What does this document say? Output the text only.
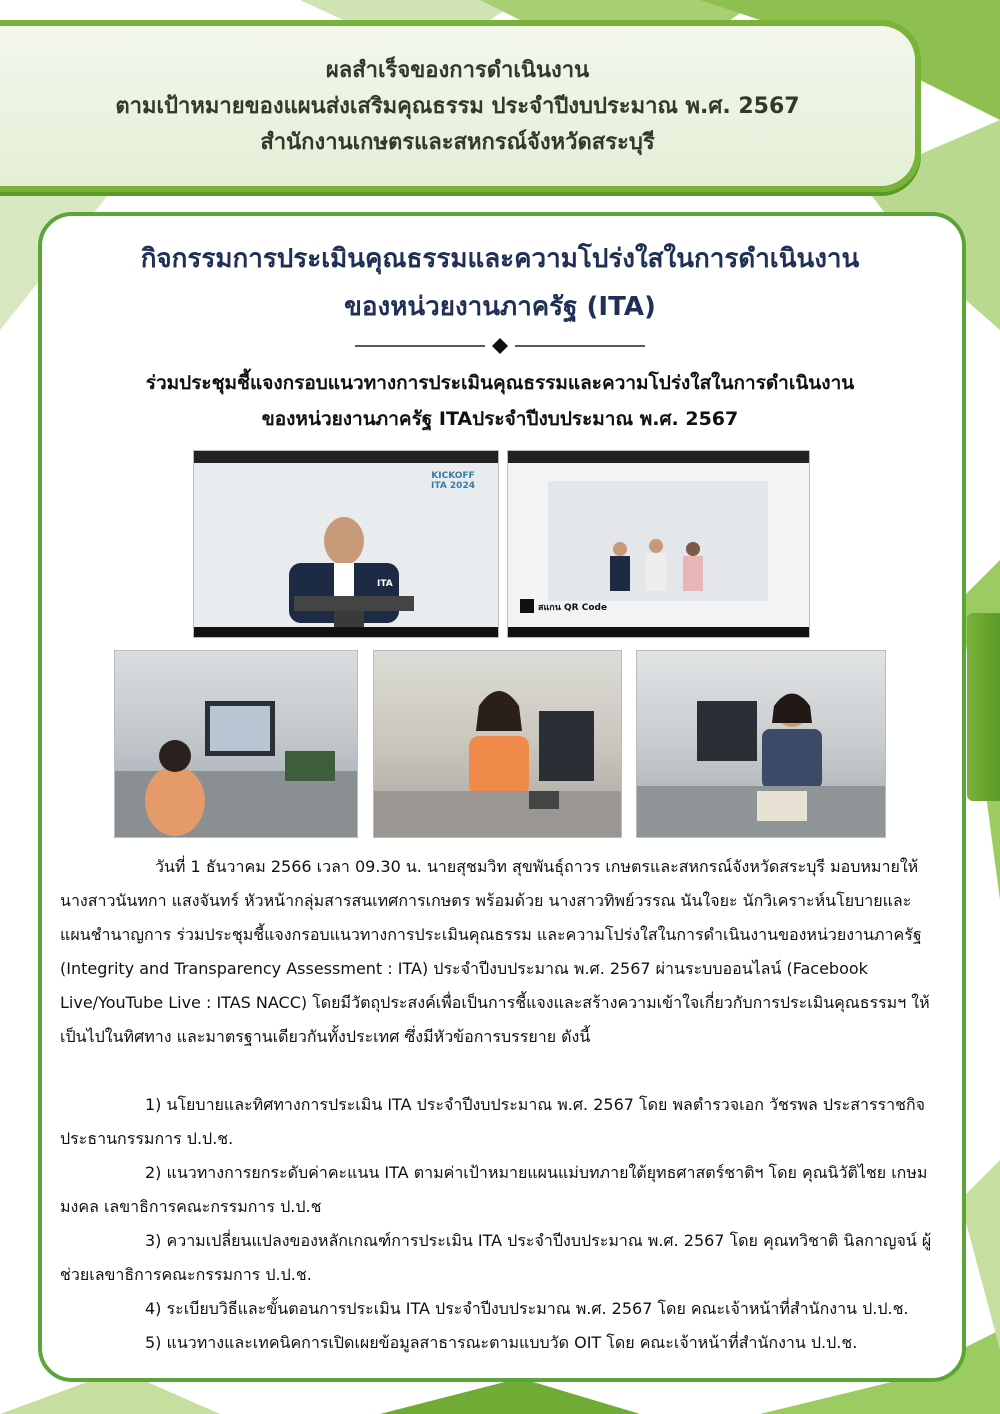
ผลสำเร็จของการดำเนินงาน
ตามเป้าหมายของแผนส่งเสริมคุณธรรม ประจำปีงบประมาณ พ.ศ. 2567
สำนักงานเกษตรและสหกรณ์จังหวัดสระบุรี
กิจกรรมการประเมินคุณธรรมและความโปร่งใสในการดำเนินงาน
ของหน่วยงานภาครัฐ (ITA)
ร่วมประชุมชี้แจงกรอบแนวทางการประเมินคุณธรรมและความโปร่งใสในการดำเนินงาน
ของหน่วยงานภาครัฐ ITAประจำปีงบประมาณ พ.ศ. 2567
KICKOFF ITA 2024
ITA
สแกน QR Code
วันที่ 1 ธันวาคม 2566 เวลา 09.30 น. นายสุชมวิท สุขพันธุ์ถาวร เกษตรและสหกรณ์จังหวัดสระบุรี มอบหมายให้ นางสาวนันทกา แสงจันทร์ หัวหน้ากลุ่มสารสนเทศการเกษตร พร้อมด้วย นางสาวทิพย์วรรณ นันใจยะ นักวิเคราะห์นโยบายและแผนชำนาญการ ร่วมประชุมชี้แจงกรอบแนวทางการประเมินคุณธรรม และความโปร่งใสในการดำเนินงานของหน่วยงานภาครัฐ (Integrity and Transparency Assessment : ITA) ประจำปีงบประมาณ พ.ศ. 2567 ผ่านระบบออนไลน์ (Facebook Live/YouTube Live : ITAS NACC) โดยมีวัตถุประสงค์เพื่อเป็นการชี้แจงและสร้างความเข้าใจเกี่ยวกับการประเมินคุณธรรมฯ ให้เป็นไปในทิศทาง และมาตรฐานเดียวกันทั้งประเทศ ซึ่งมีหัวข้อการบรรยาย ดังนี้
1) นโยบายและทิศทางการประเมิน ITA ประจำปีงบประมาณ พ.ศ. 2567 โดย พลตำรวจเอก วัชรพล ประสารราชกิจ ประธานกรรมการ ป.ป.ช.
2) แนวทางการยกระดับค่าคะแนน ITA ตามค่าเป้าหมายแผนแม่บทภายใต้ยุทธศาสตร์ชาติฯ โดย คุณนิวัติไชย เกษมมงคล เลขาธิการคณะกรรมการ ป.ป.ช
3) ความเปลี่ยนแปลงของหลักเกณฑ์การประเมิน ITA ประจำปีงบประมาณ พ.ศ. 2567 โดย คุณทวิชาติ นิลกาญจน์ ผู้ช่วยเลขาธิการคณะกรรมการ ป.ป.ช.
4) ระเบียบวิธีและขั้นตอนการประเมิน ITA ประจำปีงบประมาณ พ.ศ. 2567 โดย คณะเจ้าหน้าที่สำนักงาน ป.ป.ช.
5) แนวทางและเทคนิคการเปิดเผยข้อมูลสาธารณะตามแบบวัด OIT โดย คณะเจ้าหน้าที่สำนักงาน ป.ป.ช.
